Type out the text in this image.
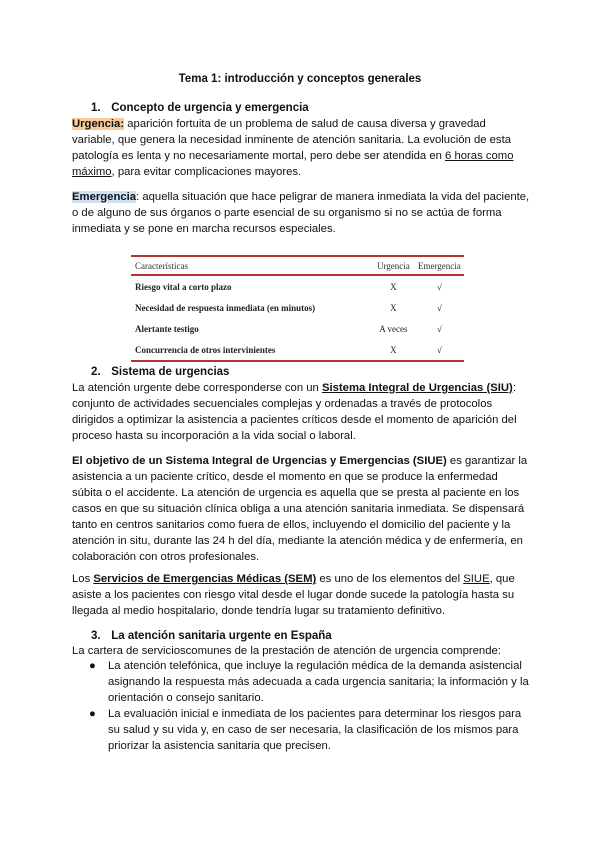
Tema 1: introducción y conceptos generales
1. Concepto de urgencia y emergencia
Urgencia: aparición fortuita de un problema de salud de causa diversa y gravedad variable, que genera la necesidad inminente de atención sanitaria. La evolución de esta patología es lenta y no necesariamente mortal, pero debe ser atendida en 6 horas como máximo, para evitar complicaciones mayores.
Emergencia: aquella situación que hace peligrar de manera inmediata la vida del paciente, o de alguno de sus órganos o parte esencial de su organismo si no se actúa de forma inmediata y se pone en marcha recursos especiales.
Características	Urgencia	Emergencia
Riesgo vital a corto plazo	X	√
Necesidad de respuesta inmediata (en minutos)	X	√
Alertante testigo	A veces	√
Concurrencia de otros intervinientes	X	√
2. Sistema de urgencias
La atención urgente debe corresponderse con un Sistema Integral de Urgencias (SIU): conjunto de actividades secuenciales complejas y ordenadas a través de protocolos dirigidos a optimizar la asistencia a pacientes críticos desde el momento de aparición del proceso hasta su incorporación a la vida social o laboral.
El objetivo de un Sistema Integral de Urgencias y Emergencias (SIUE) es garantizar la asistencia a un paciente crítico, desde el momento en que se produce la enfermedad súbita o el accidente. La atención de urgencia es aquella que se presta al paciente en los casos en que su situación clínica obliga a una atención sanitaria inmediata. Se dispensará tanto en centros sanitarios como fuera de ellos, incluyendo el domicilio del paciente y la atención in situ, durante las 24 h del día, mediante la atención médica y de enfermería, en colaboración con otros profesionales.
Los Servicios de Emergencias Médicas (SEM) es uno de los elementos del SIUE, que asiste a los pacientes con riesgo vital desde el lugar donde sucede la patología hasta su llegada al medio hospitalario, donde tendría lugar su tratamiento definitivo.
3. La atención sanitaria urgente en España
La cartera de servicioscomunes de la prestación de atención de urgencia comprende:
● La atención telefónica, que incluye la regulación médica de la demanda asistencial asignando la respuesta más adecuada a cada urgencia sanitaria; la información y la orientación o consejo sanitario.
● La evaluación inicial e inmediata de los pacientes para determinar los riesgos para su salud y su vida y, en caso de ser necesaria, la clasificación de los mismos para priorizar la asistencia sanitaria que precisen.
